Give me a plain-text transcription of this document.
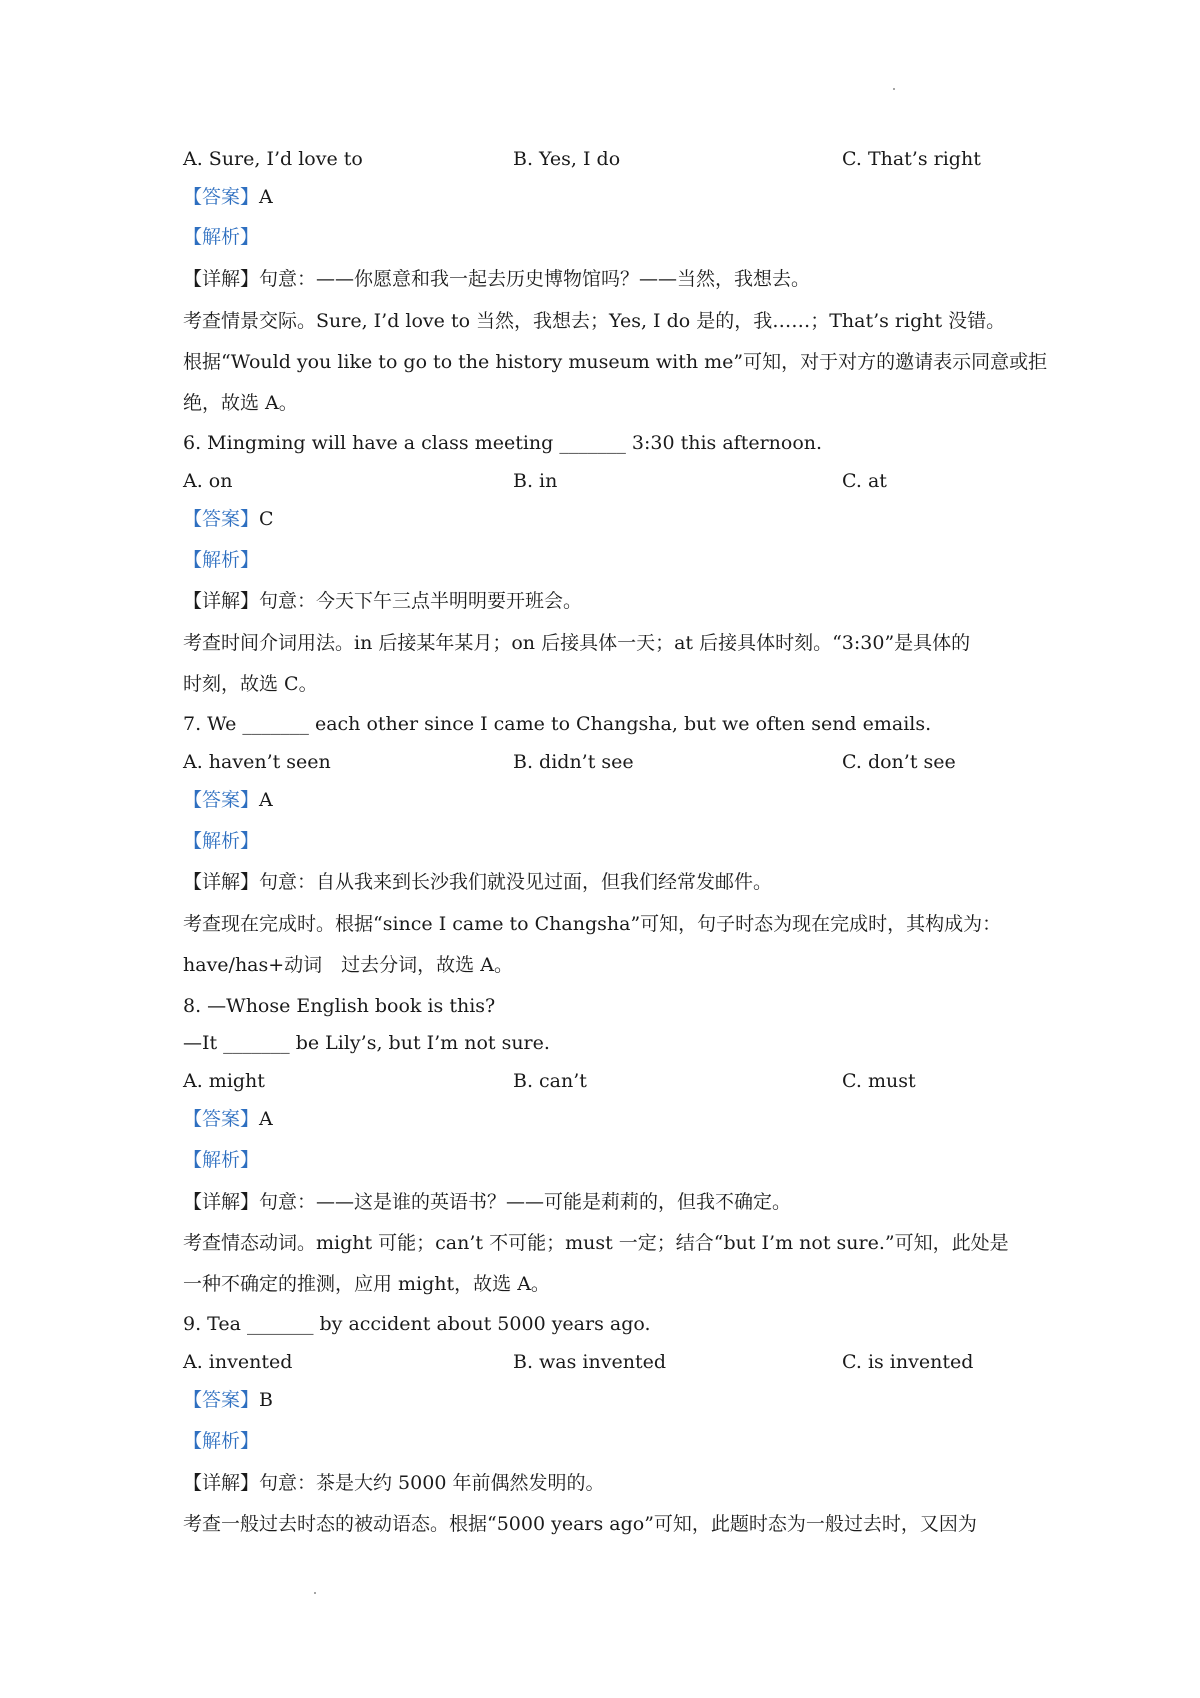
A. Sure, I’d love to	B. Yes, I do	C. That’s right
【答案】A
【解析】
【详解】句意：——你愿意和我一起去历史博物馆吗？——当然，我想去。
考查情景交际。Sure, I’d love to 当然，我想去；Yes, I do 是的，我……；That’s right 没错。
根据“Would you like to go to the history museum with me”可知，对于对方的邀请表示同意或拒
绝，故选 A。
6. Mingming will have a class meeting _______ 3:30 this afternoon.
A. on	B. in	C. at
【答案】C
【解析】
【详解】句意：今天下午三点半明明要开班会。
考查时间介词用法。in 后接某年某月；on 后接具体一天；at 后接具体时刻。“3:30”是具体的
时刻，故选 C。
7. We _______ each other since I came to Changsha, but we often send emails.
A. haven’t seen	B. didn’t see	C. don’t see
【答案】A
【解析】
【详解】句意：自从我来到长沙我们就没见过面，但我们经常发邮件。
考查现在完成时。根据“since I came to Changsha”可知，句子时态为现在完成时，其构成为：
have/has+动词　过去分词，故选 A。
8. —Whose English book is this?
—It _______ be Lily’s, but I’m not sure.
A. might	B. can’t	C. must
【答案】A
【解析】
【详解】句意：——这是谁的英语书？——可能是莉莉的，但我不确定。
考查情态动词。might 可能；can’t 不可能；must 一定；结合“but I’m not sure.”可知，此处是
一种不确定的推测，应用 might，故选 A。
9. Tea _______ by accident about 5000 years ago.
A. invented	B. was invented	C. is invented
【答案】B
【解析】
【详解】句意：茶是大约 5000 年前偶然发明的。
考查一般过去时态的被动语态。根据“5000 years ago”可知，此题时态为一般过去时，又因为
